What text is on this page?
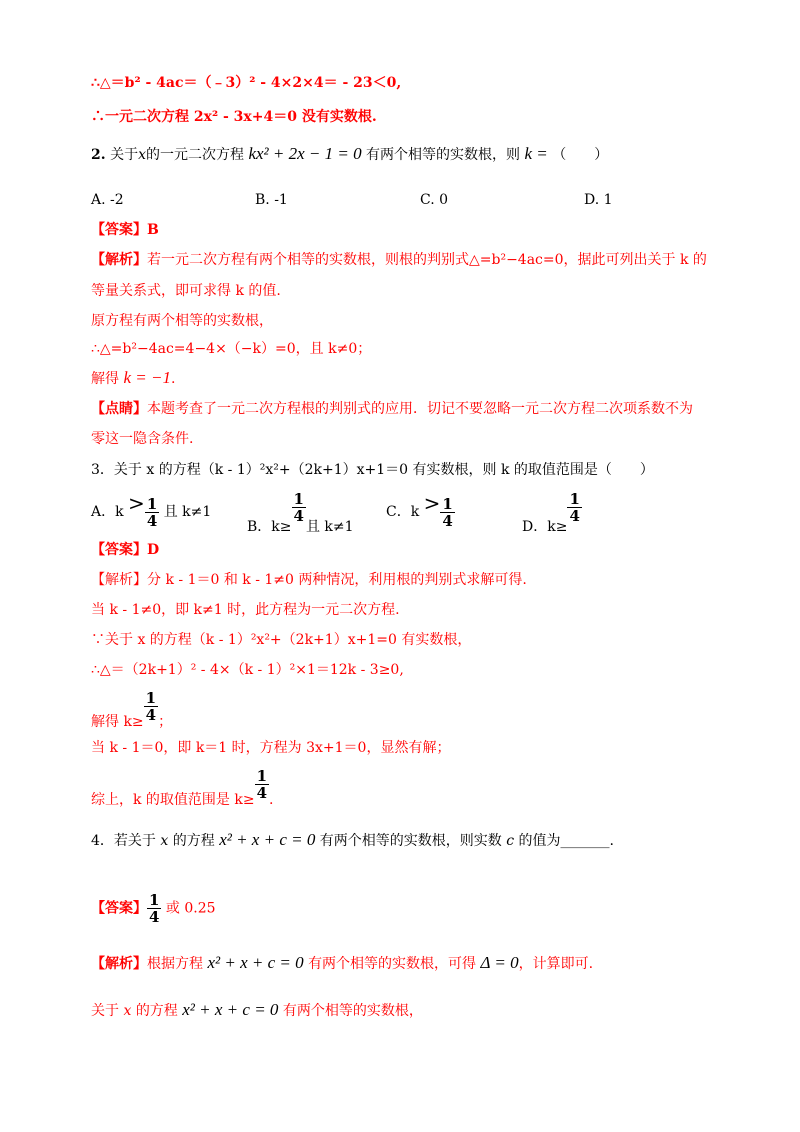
∴△＝b² - 4ac＝（﹣3）² - 4×2×4＝ - 23＜0,
∴一元二次方程 2x² - 3x+4＝0 没有实数根.
2. 关于x的一元二次方程 kx² + 2x − 1 = 0 有两个相等的实数根，则 k = （　　）
A. -2	B. -1	C. 0	D. 1
【答案】B
【解析】若一元二次方程有两个相等的实数根，则根的判别式△=b²−4ac=0，据此可列出关于 k 的
等量关系式，即可求得 k 的值.
原方程有两个相等的实数根，
∴△=b²−4ac=4−4×（−k）=0，且 k≠0；
解得 k = −1.
【点睛】本题考查了一元二次方程根的判别式的应用．切记不要忽略一元二次方程二次项系数不为
零这一隐含条件.
3．关于 x 的方程（k - 1）²x²+（2k+1）x+1＝0 有实数根，则 k 的取值范围是（　　）
A．$k > \frac{1}{4}$ 且 k≠1
B．k≥
$\frac{1}{4}$
且 k≠1
C．$k > \frac{1}{4}$	D．k≥
$\frac{1}{4}$
【答案】D
【解析】分 k - 1＝0 和 k - 1≠0 两种情况，利用根的判别式求解可得.
当 k - 1≠0，即 k≠1 时，此方程为一元二次方程.
∵关于 x 的方程（k - 1）²x²+（2k+1）x+1=0 有实数根，
∴△＝（2k+1）² - 4×（k - 1）²×1＝12k - 3≥0,
解得 $k\ge \frac{1}{4}$ ；
当 k - 1＝0，即 k＝1 时，方程为 3x+1＝0，显然有解；
综上，k 的取值范围是 $k\ge \frac{1}{4}$ .
4．若关于 x 的方程 x² + x + c = 0 有两个相等的实数根，则实数 c 的值为_______.
【答案】 $\frac{1}{4}$ 或 0.25
【解析】根据方程 x² + x + c = 0 有两个相等的实数根，可得 Δ = 0，计算即可.
关于 x 的方程 x² + x + c = 0 有两个相等的实数根，
